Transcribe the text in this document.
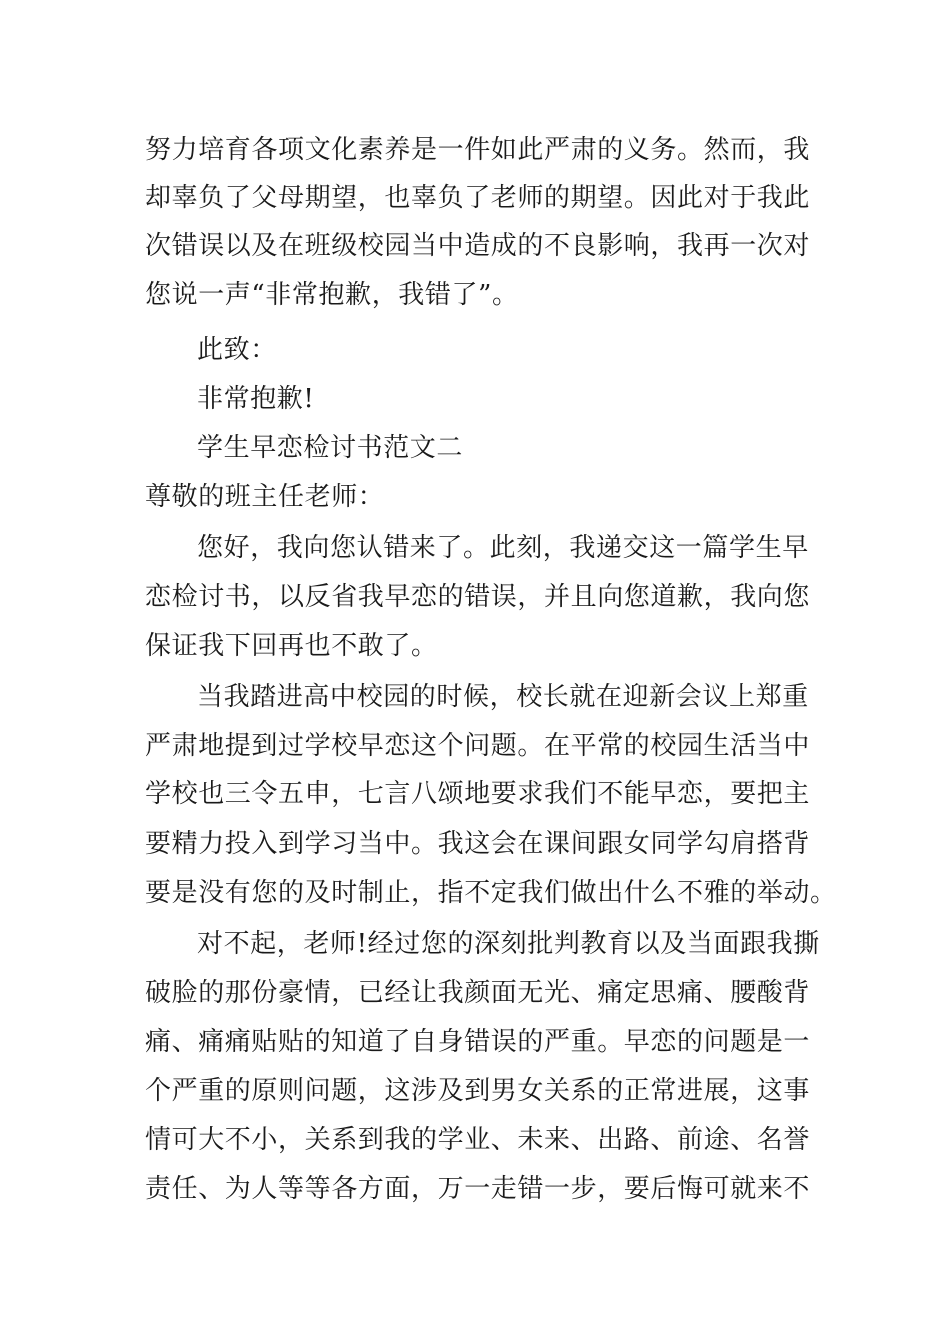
努力培育各项文化素养是一件如此严肃的义务。然而，我
却辜负了父母期望，也辜负了老师的期望。因此对于我此
次错误以及在班级校园当中造成的不良影响，我再一次对
您说一声“非常抱歉，我错了”。
此致：
非常抱歉!
学生早恋检讨书范文二
尊敬的班主任老师：
您好，我向您认错来了。此刻，我递交这一篇学生早
恋检讨书，以反省我早恋的错误，并且向您道歉，我向您
保证我下回再也不敢了。
当我踏进高中校园的时候，校长就在迎新会议上郑重
严肃地提到过学校早恋这个问题。在平常的校园生活当中
学校也三令五申，七言八颂地要求我们不能早恋，要把主
要精力投入到学习当中。我这会在课间跟女同学勾肩搭背
要是没有您的及时制止，指不定我们做出什么不雅的举动。
对不起，老师!经过您的深刻批判教育以及当面跟我撕
破脸的那份豪情，已经让我颜面无光、痛定思痛、腰酸背
痛、痛痛贴贴的知道了自身错误的严重。早恋的问题是一
个严重的原则问题，这涉及到男女关系的正常进展，这事
情可大不小，关系到我的学业、未来、出路、前途、名誉
责任、为人等等各方面，万一走错一步，要后悔可就来不
